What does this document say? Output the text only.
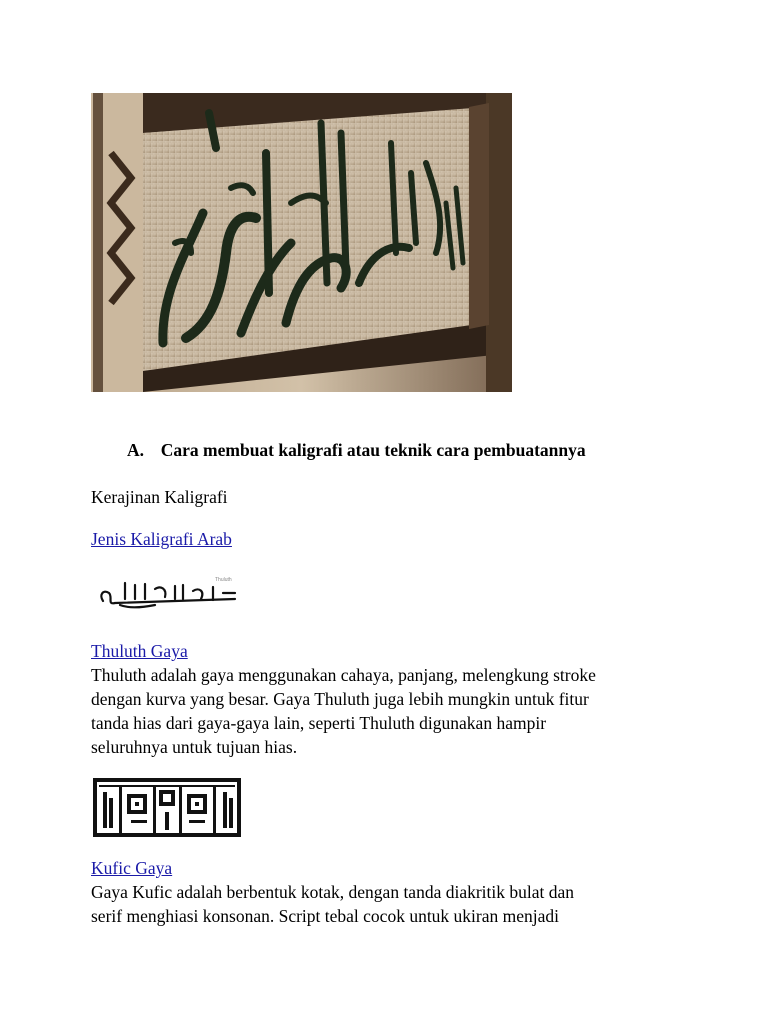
A. Cara membuat kaligrafi atau teknik cara pembuatannya
Kerajinan Kaligrafi
Jenis Kaligrafi Arab
Thuluth
Thuluth Gaya
Thuluth adalah gaya menggunakan cahaya, panjang, melengkung stroke
dengan kurva yang besar. Gaya Thuluth juga lebih mungkin untuk fitur
tanda hias dari gaya-gaya lain, seperti Thuluth digunakan hampir
seluruhnya untuk tujuan hias.
Kufic Gaya
Gaya Kufic adalah berbentuk kotak, dengan tanda diakritik bulat dan
serif menghiasi konsonan. Script tebal cocok untuk ukiran menjadi
